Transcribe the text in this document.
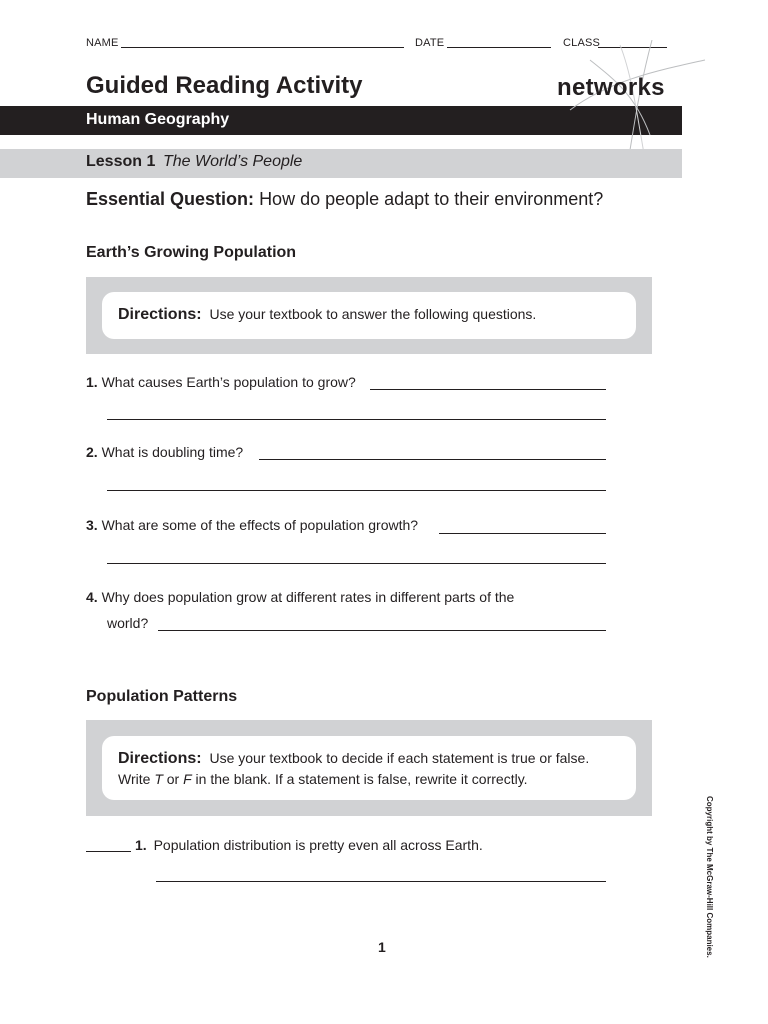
NAME	DATE	CLASS
Guided Reading Activity
Human Geography
networks
Lesson 1 The World’s People
Essential Question: How do people adapt to their environment?
Earth’s Growing Population
Directions: Use your textbook to answer the following questions.
1. What causes Earth’s population to grow?
2. What is doubling time?
3. What are some of the effects of population growth?
4. Why does population grow at different rates in different parts of the
world?
Population Patterns
Directions: Use your textbook to decide if each statement is true or false.
Write T or F in the blank. If a statement is false, rewrite it correctly.
1. Population distribution is pretty even all across Earth.
1	Copyright by The McGraw-Hill Companies.
